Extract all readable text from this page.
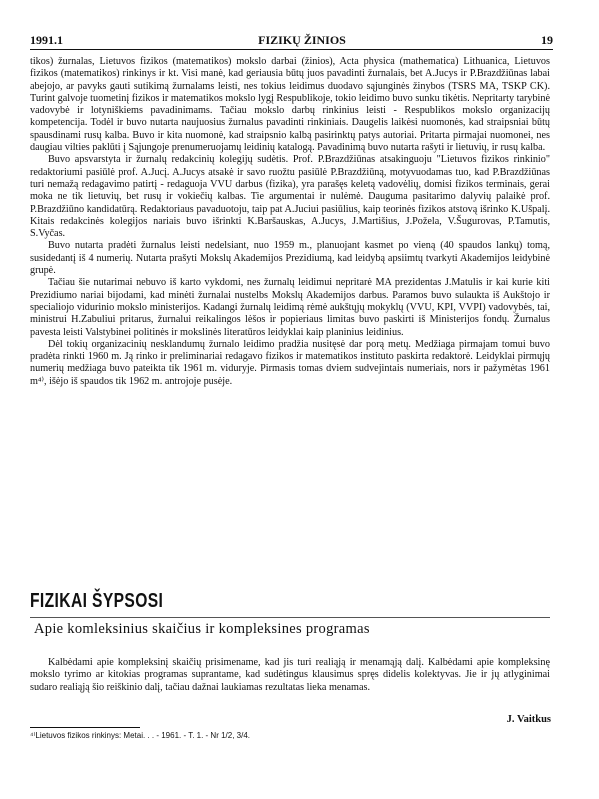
1991.1	FIZIKŲ ŽINIOS	19

tikos) žurnalas, Lietuvos fizikos (matematikos) mokslo darbai (žinios), Acta physica (mathematica) Lithuanica, Lietuvos fizikos (matematikos) rinkinys ir kt. Visi manė, kad geriausia būtų juos pavadinti žurnalais, bet A.Jucys ir P.Brazdžiūnas labai abejojo, ar pavyks gauti sutikimą žurnalams leisti, nes tokius leidimus duodavo sąjunginės žinybos (TSRS MA, TSKP CK). Turint galvoje tuometinį fizikos ir matematikos mokslo lygį Respublikoje, tokio leidimo buvo sunku tikėtis. Nepritarty tarybinė vadovybė ir lotyniškiems pavadinimams. Tačiau mokslo darbų rinkinius leisti - Respublikos mokslo organizacijų kompetencija. Todėl ir buvo nutarta naujuosius žurnalus pavadinti rinkiniais. Daugelis laikėsi nuomonės, kad straipsniai būtų spausdinami rusų kalba. Buvo ir kita nuomonė, kad straipsnio kalbą pasirinktų patys autoriai. Pritarta pirmajai nuomonei, nes daugiau vilties paklūti į Sąjungoje prenumeruojamų leidinių katalogą. Pavadinimą buvo nutarta rašyti ir lietuvių, ir rusų kalba.

Buvo apsvarstyta ir žurnalų redakcinių kolegijų sudėtis. Prof. P.Brazdžiūnas atsakinguoju "Lietuvos fizikos rinkinio" redaktoriumi pasiūlė prof. A.Jucį. A.Jucys atsakė ir savo ruožtu pasiūlė P.Brazdžiūną, motyvuodamas tuo, kad P.Brazdžiūnas turi nemažą redagavimo patirtį - redaguoja VVU darbus (fizika), yra parašęs keletą vadovėlių, domisi fizikos terminais, gerai moka ne tik lietuvių, bet rusų ir vokiečių kalbas. Tie argumentai ir nulėmė. Dauguma pasitarimo dalyvių palaikė prof. P.Brazdžiūno kandidatūrą. Redaktoriaus pavaduotoju, taip pat A.Juciui pasiūlius, kaip teorinės fizikos atstovą išrinko K.Ušpalį. Kitais redakcinės kolegijos nariais buvo išrinkti K.Baršauskas, A.Jucys, J.Martišius, J.Požela, V.Šugurovas, P.Tamutis, S.Vyčas.

Buvo nutarta pradėti žurnalus leisti nedelsiant, nuo 1959 m., planuojant kasmet po vieną (40 spaudos lankų) tomą, susidedantį iš 4 numerių. Nutarta prašyti Mokslų Akademijos Prezidiumą, kad leidybą apsiimtų tvarkyti Akademijos leidybinė grupė.

Tačiau šie nutarimai nebuvo iš karto vykdomi, nes žurnalų leidimui nepritarė MA prezidentas J.Matulis ir kai kurie kiti Prezidiumo nariai bijodami, kad minėti žurnalai nustelbs Mokslų Akademijos darbus. Paramos buvo sulaukta iš Aukštojo ir specialiojo vidurinio mokslo ministerijos. Kadangi žurnalų leidimą rėmė aukštųjų mokyklų (VVU, KPI, VVPI) vadovybės, tai, ministrui H.Zabuliui pritarus, žurnalui reikalingos lėšos ir popieriaus limitas buvo paskirti iš Ministerijos fondų. Žurnalus pavesta leisti Valstybinei politinės ir mokslinės literatūros leidyklai kaip planinius leidinius.

Dėl tokių organizacinių nesklandumų žurnalo leidimo pradžia nusitęsė dar porą metų. Medžiaga pirmajam tomui buvo pradėta rinkti 1960 m. Ją rinko ir preliminariai redagavo fizikos ir matematikos instituto paskirta redaktorė. Leidyklai pirmųjų numerių medžiaga buvo pateikta tik 1961 m. viduryje. Pirmasis tomas dviem sudvejintais numeriais, nors ir pažymėtas 1961 m⁴⁾, išėjo iš spaudos tik 1962 m. antrojoje pusėje.

FIZIKAI ŠYPSOSI
Apie komleksinius skaičius ir kompleksines programas

Kalbėdami apie kompleksinį skaičių prisimename, kad jis turi realiąją ir menamąją dalį. Kalbėdami apie kompleksinę mokslo tyrimo ar kitokias programas suprantame, kad sudėtingus klausimus spręs didelis kolektyvas. Jie ir jų atlyginimai sudaro realiąją šio reiškinio dalį, tačiau dažnai laukiamas rezultatas lieka menamas.

J. Vaitkus
⁴⁾Lietuvos fizikos rinkinys: Metai. . . - 1961. - T. 1. - Nr 1/2, 3/4.
